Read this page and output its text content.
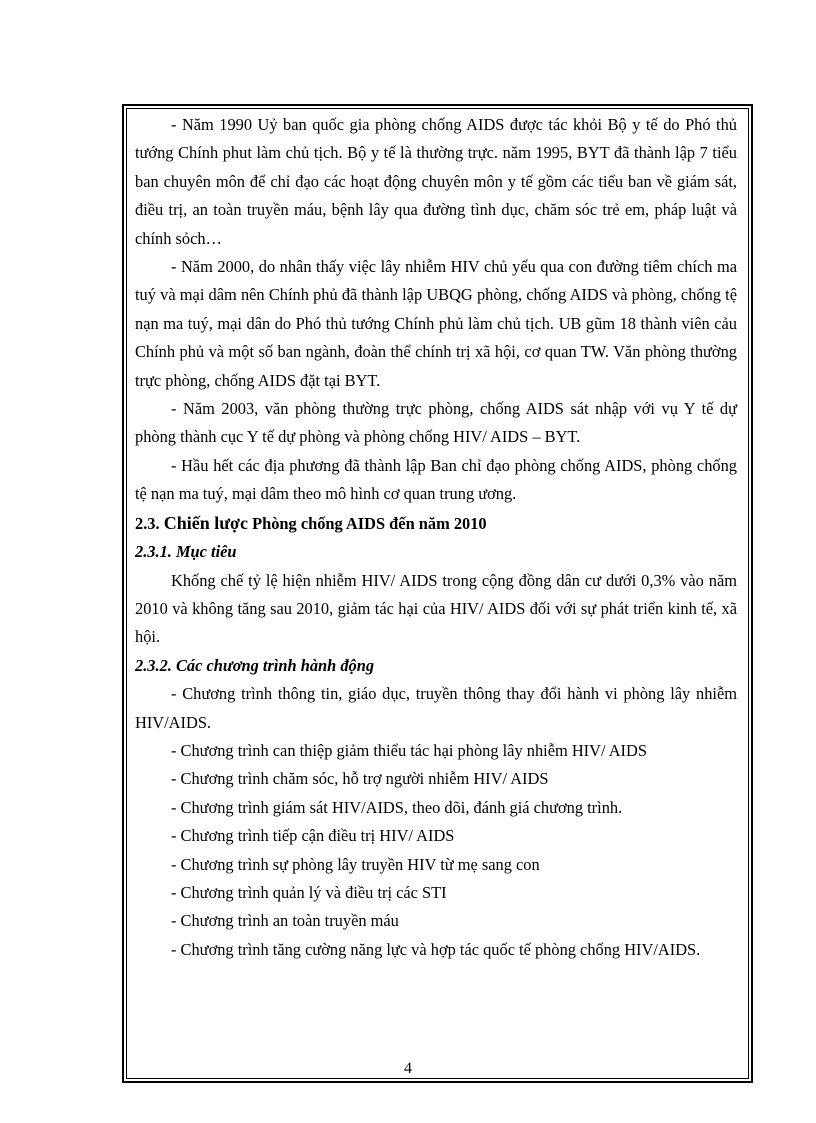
- Năm 1990 Uỷ ban quốc gia phòng chống AIDS được tác khỏi Bộ y tế do Phó thủ tướng Chính phut làm chủ tịch. Bộ y tế là thường trực. năm 1995, BYT đã thành lập 7 tiểu ban chuyên môn để chỉ đạo các hoạt động chuyên môn y tế gồm các tiểu ban về giám sát, điều trị, an toàn truyền máu, bệnh lây qua đường tình dục, chăm sóc trẻ em, pháp luật và chính sỏch…

- Năm 2000, do nhân thấy việc lây nhiễm HIV chủ yếu qua con đường tiêm chích ma tuý và mại dâm nên Chính phủ đã thành lập UBQG phòng, chống AIDS và phòng, chống tệ nạn ma tuý, mại dân do Phó thủ tướng Chính phủ làm chủ tịch. UB gũm 18 thành viên cảu Chính phủ và một số ban ngành, đoàn thể chính trị xã hội, cơ quan TW. Văn phòng thường trực phòng, chống AIDS đặt tại BYT.

- Năm 2003, văn phòng thường trực phòng, chống AIDS sát nhập với vụ Y tế dự phòng thành cục Y tế dự phòng và phòng chống HIV/ AIDS – BYT.

- Hầu hết các địa phương đã thành lập Ban chỉ đạo phòng chống AIDS, phòng chống tệ nạn ma tuý, mại dâm theo mô hình cơ quan trung ương.

2.3. Chiến lược Phòng chống AIDS đến năm 2010

2.3.1. Mục tiêu

Khống chế tỷ lệ hiện nhiễm HIV/ AIDS trong cộng đồng dân cư dưới 0,3% vào năm 2010 và không tăng sau 2010, giảm tác hại của HIV/ AIDS đối với sự phát triển kinh tế, xã hội.

2.3.2. Các chương trình hành động

- Chương trình thông tin, giáo dục, truyền thông thay đổi hành vi phòng lây nhiễm HIV/AIDS.

- Chương trình can thiệp giảm thiểu tác hại phòng lây nhiễm HIV/ AIDS

- Chương trình chăm sóc, hỗ trợ người nhiễm HIV/ AIDS

- Chương trình giám sát HIV/AIDS, theo dõi, đánh giá chương trình.

- Chương trình tiếp cận điều trị HIV/ AIDS

- Chương trình sự phòng lây truyền HIV từ mẹ sang con

- Chương trình quản lý và điều trị các STI

- Chương trình an toàn truyền máu

- Chương trình tăng cường năng lực và hợp tác quốc tế phòng chống HIV/AIDS.

4
